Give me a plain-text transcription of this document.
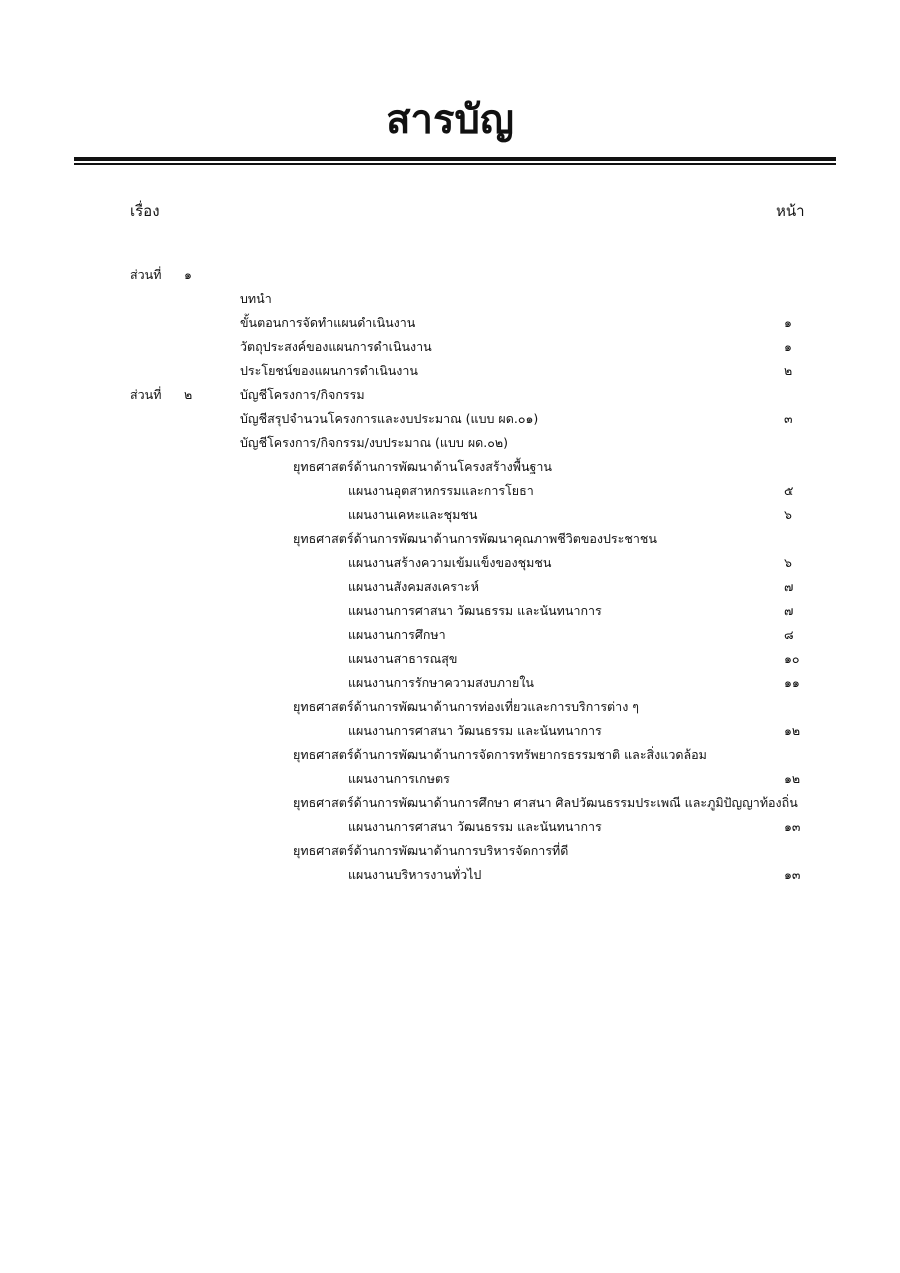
สารบัญ
เรื่อง	หน้า
ส่วนที่ ๑
บทนำ
ขั้นตอนการจัดทำแผนดำเนินงาน	๑
วัตถุประสงค์ของแผนการดำเนินงาน	๑
ประโยชน์ของแผนการดำเนินงาน	๒
ส่วนที่ ๒	บัญชีโครงการ/กิจกรรม
บัญชีสรุปจำนวนโครงการและงบประมาณ (แบบ ผด.๐๑)	๓
บัญชีโครงการ/กิจกรรม/งบประมาณ (แบบ ผด.๐๒)
ยุทธศาสตร์ด้านการพัฒนาด้านโครงสร้างพื้นฐาน
แผนงานอุตสาหกรรมและการโยธา	๕
แผนงานเคหะและชุมชน	๖
ยุทธศาสตร์ด้านการพัฒนาด้านการพัฒนาคุณภาพชีวิตของประชาชน
แผนงานสร้างความเข้มแข็งของชุมชน	๖
แผนงานสังคมสงเคราะห์	๗
แผนงานการศาสนา วัฒนธรรม และนันทนาการ	๗
แผนงานการศึกษา	๘
แผนงานสาธารณสุข	๑๐
แผนงานการรักษาความสงบภายใน	๑๑
ยุทธศาสตร์ด้านการพัฒนาด้านการท่องเที่ยวและการบริการต่าง ๆ
แผนงานการศาสนา วัฒนธรรม และนันทนาการ	๑๒
ยุทธศาสตร์ด้านการพัฒนาด้านการจัดการทรัพยากรธรรมชาติ และสิ่งแวดล้อม
แผนงานการเกษตร	๑๒
ยุทธศาสตร์ด้านการพัฒนาด้านการศึกษา ศาสนา ศิลปวัฒนธรรมประเพณี และภูมิปัญญาท้องถิ่น
แผนงานการศาสนา วัฒนธรรม และนันทนาการ	๑๓
ยุทธศาสตร์ด้านการพัฒนาด้านการบริหารจัดการที่ดี
แผนงานบริหารงานทั่วไป	๑๓
